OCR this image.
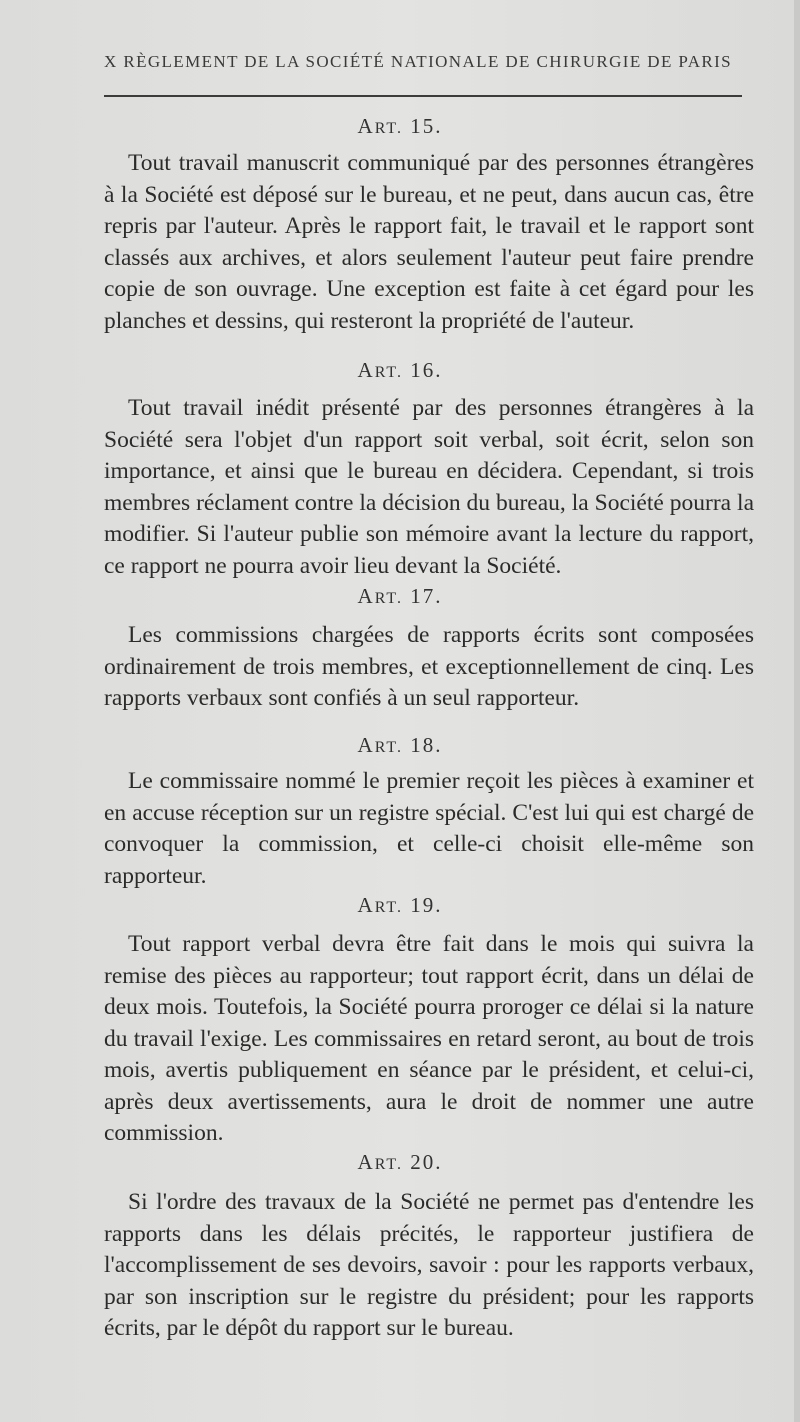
X RÈGLEMENT DE LA SOCIÉTÉ NATIONALE DE CHIRURGIE DE PARIS
ART. 15.
Tout travail manuscrit communiqué par des personnes étrangères à la Société est déposé sur le bureau, et ne peut, dans aucun cas, être repris par l'auteur. Après le rapport fait, le travail et le rapport sont classés aux archives, et alors seulement l'auteur peut faire prendre copie de son ouvrage. Une exception est faite à cet égard pour les planches et dessins, qui resteront la propriété de l'auteur.
ART. 16.
Tout travail inédit présenté par des personnes étrangères à la Société sera l'objet d'un rapport soit verbal, soit écrit, selon son importance, et ainsi que le bureau en décidera. Cependant, si trois membres réclament contre la décision du bureau, la Société pourra la modifier. Si l'auteur publie son mémoire avant la lecture du rapport, ce rapport ne pourra avoir lieu devant la Société.
ART. 17.
Les commissions chargées de rapports écrits sont composées ordinairement de trois membres, et exceptionnellement de cinq. Les rapports verbaux sont confiés à un seul rapporteur.
ART. 18.
Le commissaire nommé le premier reçoit les pièces à examiner et en accuse réception sur un registre spécial. C'est lui qui est chargé de convoquer la commission, et celle-ci choisit elle-même son rapporteur.
ART. 19.
Tout rapport verbal devra être fait dans le mois qui suivra la remise des pièces au rapporteur; tout rapport écrit, dans un délai de deux mois. Toutefois, la Société pourra proroger ce délai si la nature du travail l'exige. Les commissaires en retard seront, au bout de trois mois, avertis publiquement en séance par le président, et celui-ci, après deux avertissements, aura le droit de nommer une autre commission.
ART. 20.
Si l'ordre des travaux de la Société ne permet pas d'entendre les rapports dans les délais précités, le rapporteur justifiera de l'accomplissement de ses devoirs, savoir : pour les rapports verbaux, par son inscription sur le registre du président; pour les rapports écrits, par le dépôt du rapport sur le bureau.
